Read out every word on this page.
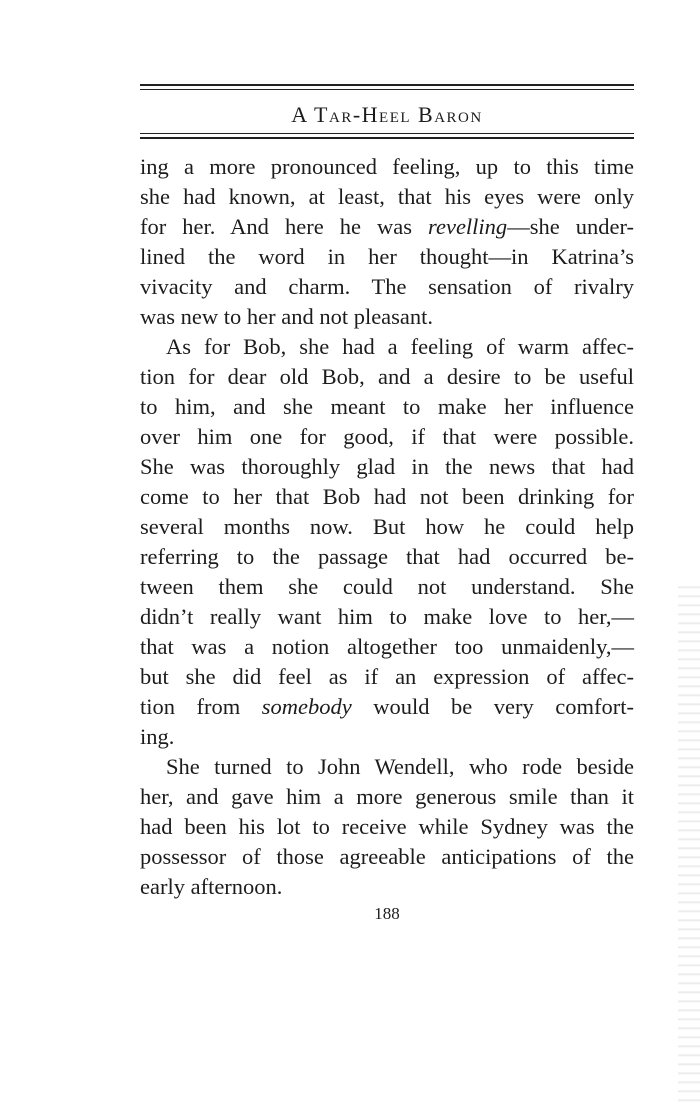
A Tar-Heel Baron
ing a more pronounced feeling, up to this time
she had known, at least, that his eyes were only
for her. And here he was revelling—she under-
lined the word in her thought—in Katrina’s
vivacity and charm. The sensation of rivalry
was new to her and not pleasant.
As for Bob, she had a feeling of warm affec-
tion for dear old Bob, and a desire to be useful
to him, and she meant to make her influence
over him one for good, if that were possible.
She was thoroughly glad in the news that had
come to her that Bob had not been drinking for
several months now. But how he could help
referring to the passage that had occurred be-
tween them she could not understand. She
didn’t really want him to make love to her,—
that was a notion altogether too unmaidenly,—
but she did feel as if an expression of affec-
tion from somebody would be very comfort-
ing.
She turned to John Wendell, who rode beside
her, and gave him a more generous smile than it
had been his lot to receive while Sydney was the
possessor of those agreeable anticipations of the
early afternoon.
188
